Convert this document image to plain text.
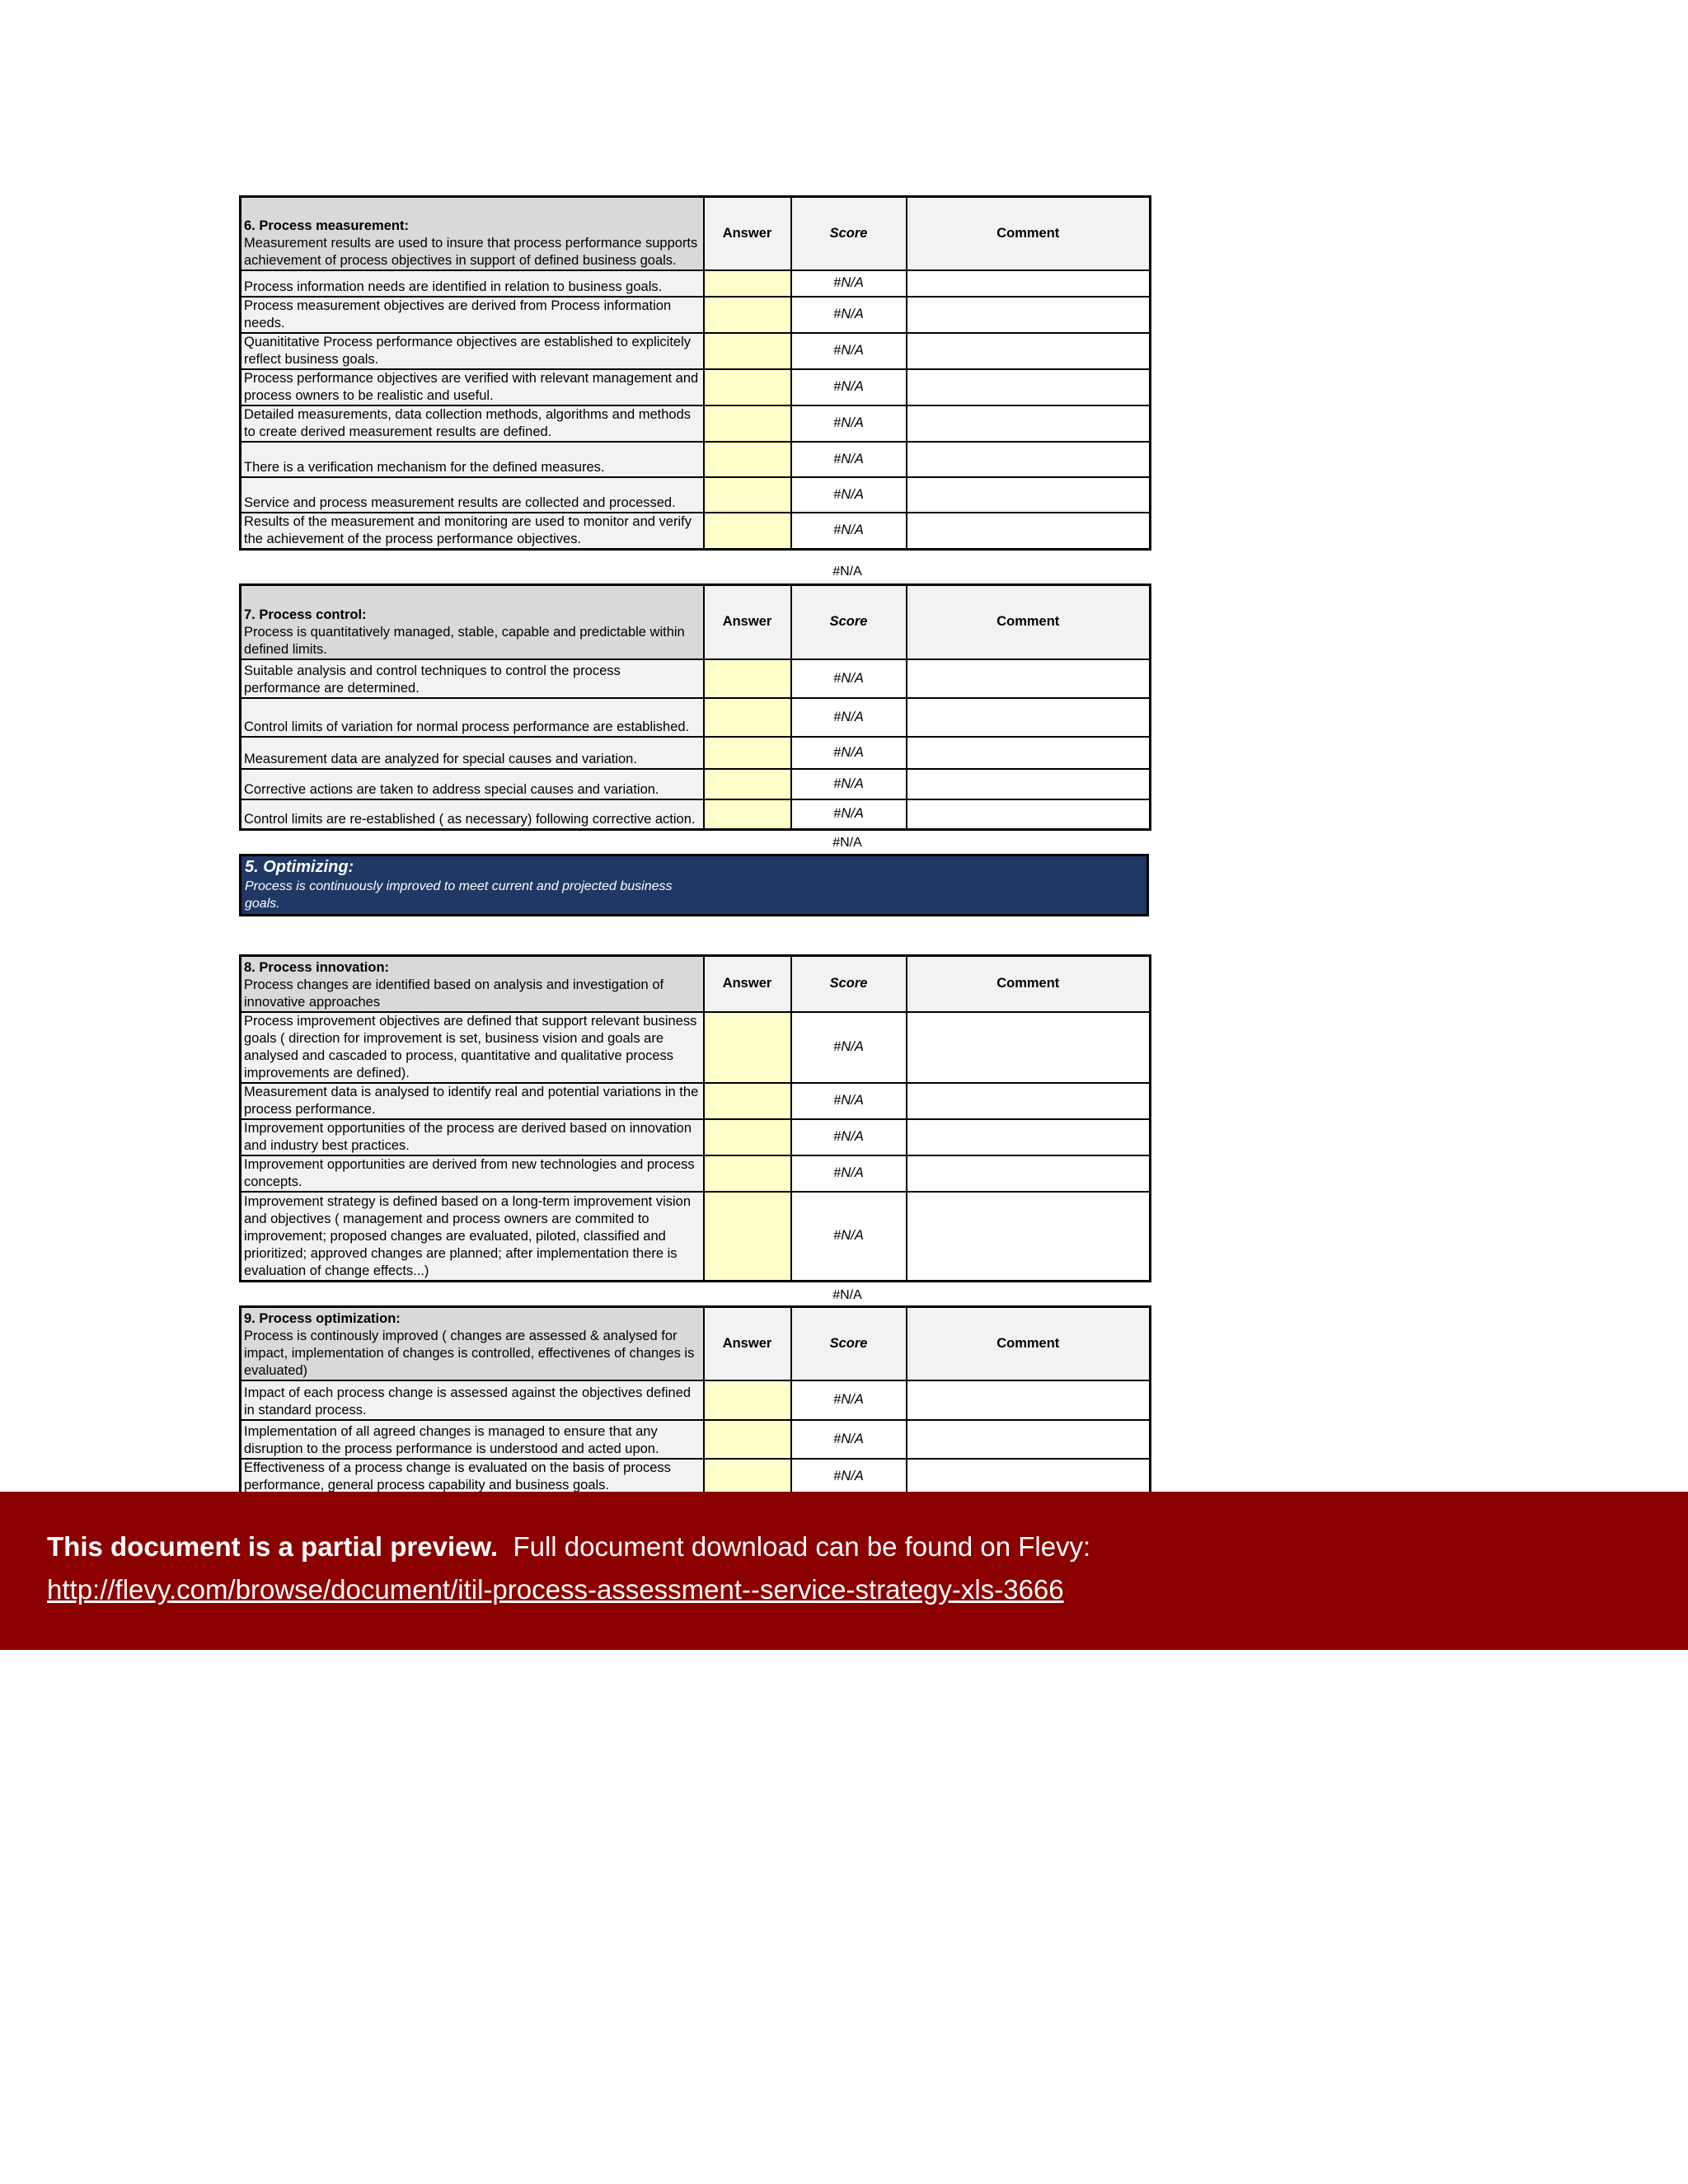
6. Process measurement:
Measurement results are used to insure that process performance supports achievement of process objectives in support of defined business goals.	Answer	Score	Comment
Process information needs are identified in relation to business goals.		#N/A	
Process measurement objectives are derived from Process information needs.		#N/A	
Quanititative Process performance objectives are established to explicitely reflect business goals.		#N/A	
Process performance objectives are verified with relevant management and process owners to be realistic and useful.		#N/A	
Detailed measurements, data collection methods, algorithms and methods to create derived measurement results are defined.		#N/A	
There is a verification mechanism for the defined measures.		#N/A	
Service and process measurement results are collected and processed.		#N/A	
Results of the measurement and monitoring are used to monitor and verify the achievement of the process performance objectives.		#N/A	
#N/A
7. Process control:
Process is quantitatively managed, stable, capable and predictable within defined limits.	Answer	Score	Comment
Suitable analysis and control techniques to control the process performance are determined.		#N/A	
Control limits of variation for normal process performance are established.		#N/A	
Measurement data are analyzed for special causes and variation.		#N/A	
Corrective actions are taken to address special causes and variation.		#N/A	
Control limits are re-established ( as necessary) following corrective action.		#N/A	
#N/A
5. Optimizing:
Process is continuously improved to meet current and projected business goals.
8. Process innovation:
Process changes are identified based on analysis and investigation of innovative approaches	Answer	Score	Comment
Process improvement objectives are defined that support relevant business goals ( direction for improvement is set, business vision and goals are analysed and cascaded to process, quantitative and qualitative process improvements are defined).		#N/A	
Measurement data is analysed to identify real and potential variations in the process performance.		#N/A	
Improvement opportunities of the process are derived based on innovation and industry best practices.		#N/A	
Improvement opportunities are derived from new technologies and process concepts.		#N/A	
Improvement strategy is defined based on a long-term improvement vision and objectives ( management and process owners are commited to improvement; proposed changes are evaluated, piloted, classified and prioritized; approved changes are planned; after implementation there is evaluation of change effects...)		#N/A	
#N/A
9. Process optimization:
Process is continously improved ( changes are assessed & analysed for impact, implementation of changes is controlled, effectivenes of changes is evaluated)	Answer	Score	Comment
Impact of each process change is assessed against the objectives defined in standard process.		#N/A	
Implementation of all agreed changes is managed to ensure that any disruption to the process performance is understood and acted upon.		#N/A	
Effectiveness of a process change is evaluated on the basis of process performance, general process capability and business goals.		#N/A	
This document is a partial preview. Full document download can be found on Flevy:
http://flevy.com/browse/document/itil-process-assessment--service-strategy-xls-3666
